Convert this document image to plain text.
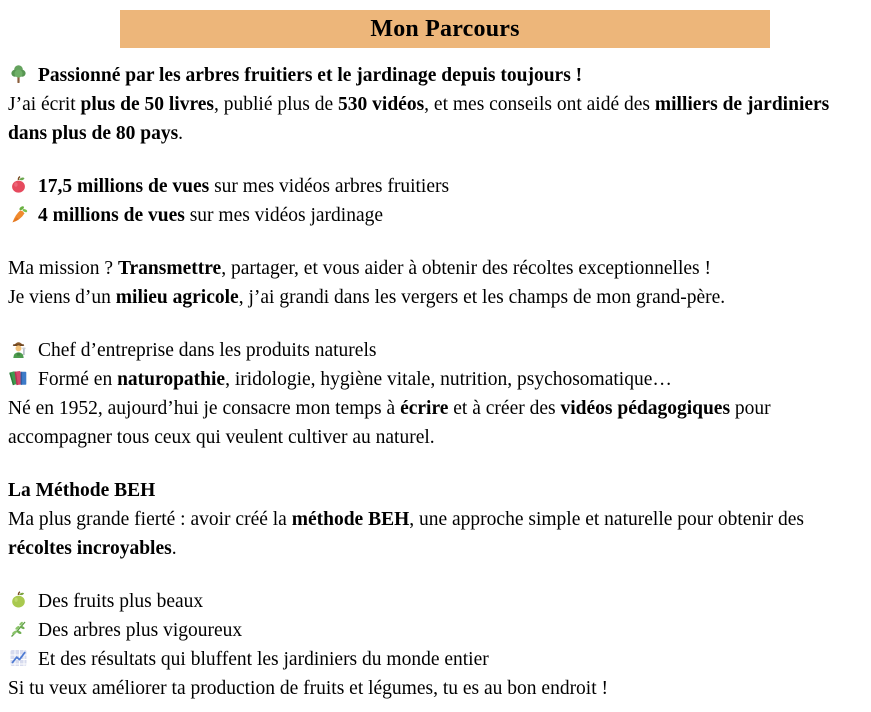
Mon Parcours
Passionné par les arbres fruitiers et le jardinage depuis toujours !
J’ai écrit plus de 50 livres, publié plus de 530 vidéos, et mes conseils ont aidé des milliers de jardiniers dans plus de 80 pays.
17,5 millions de vues sur mes vidéos arbres fruitiers
4 millions de vues sur mes vidéos jardinage
Ma mission ? Transmettre, partager, et vous aider à obtenir des récoltes exceptionnelles !
Je viens d’un milieu agricole, j’ai grandi dans les vergers et les champs de mon grand-père.
Chef d’entreprise dans les produits naturels
Formé en naturopathie, iridologie, hygiène vitale, nutrition, psychosomatique…
Né en 1952, aujourd’hui je consacre mon temps à écrire et à créer des vidéos pédagogiques pour accompagner tous ceux qui veulent cultiver au naturel.
La Méthode BEH
Ma plus grande fierté : avoir créé la méthode BEH, une approche simple et naturelle pour obtenir des récoltes incroyables.
Des fruits plus beaux
Des arbres plus vigoureux
Et des résultats qui bluffent les jardiniers du monde entier
Si tu veux améliorer ta production de fruits et légumes, tu es au bon endroit !
